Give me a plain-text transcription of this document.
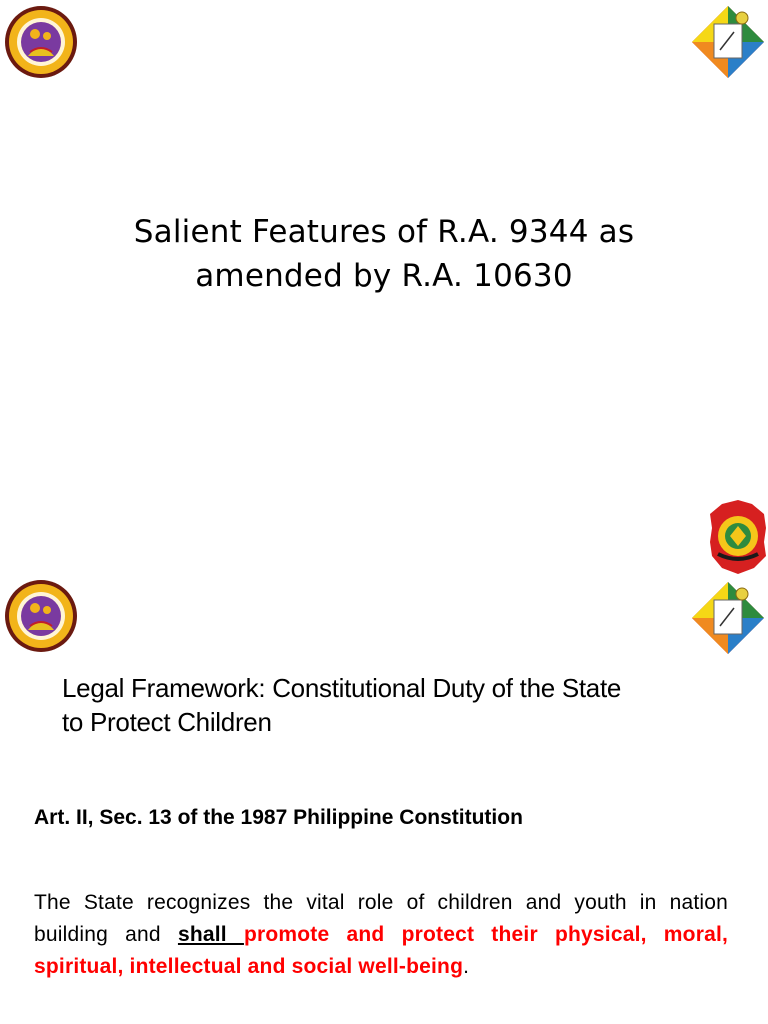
Salient Features of R.A. 9344 as
amended by R.A. 10630
Legal Framework: Constitutional Duty of the State
to Protect Children
Art. II, Sec. 13 of the 1987 Philippine Constitution
The State recognizes the vital role of children and youth in nation building and shall promote and protect their physical, moral, spiritual, intellectual and social well-being.
